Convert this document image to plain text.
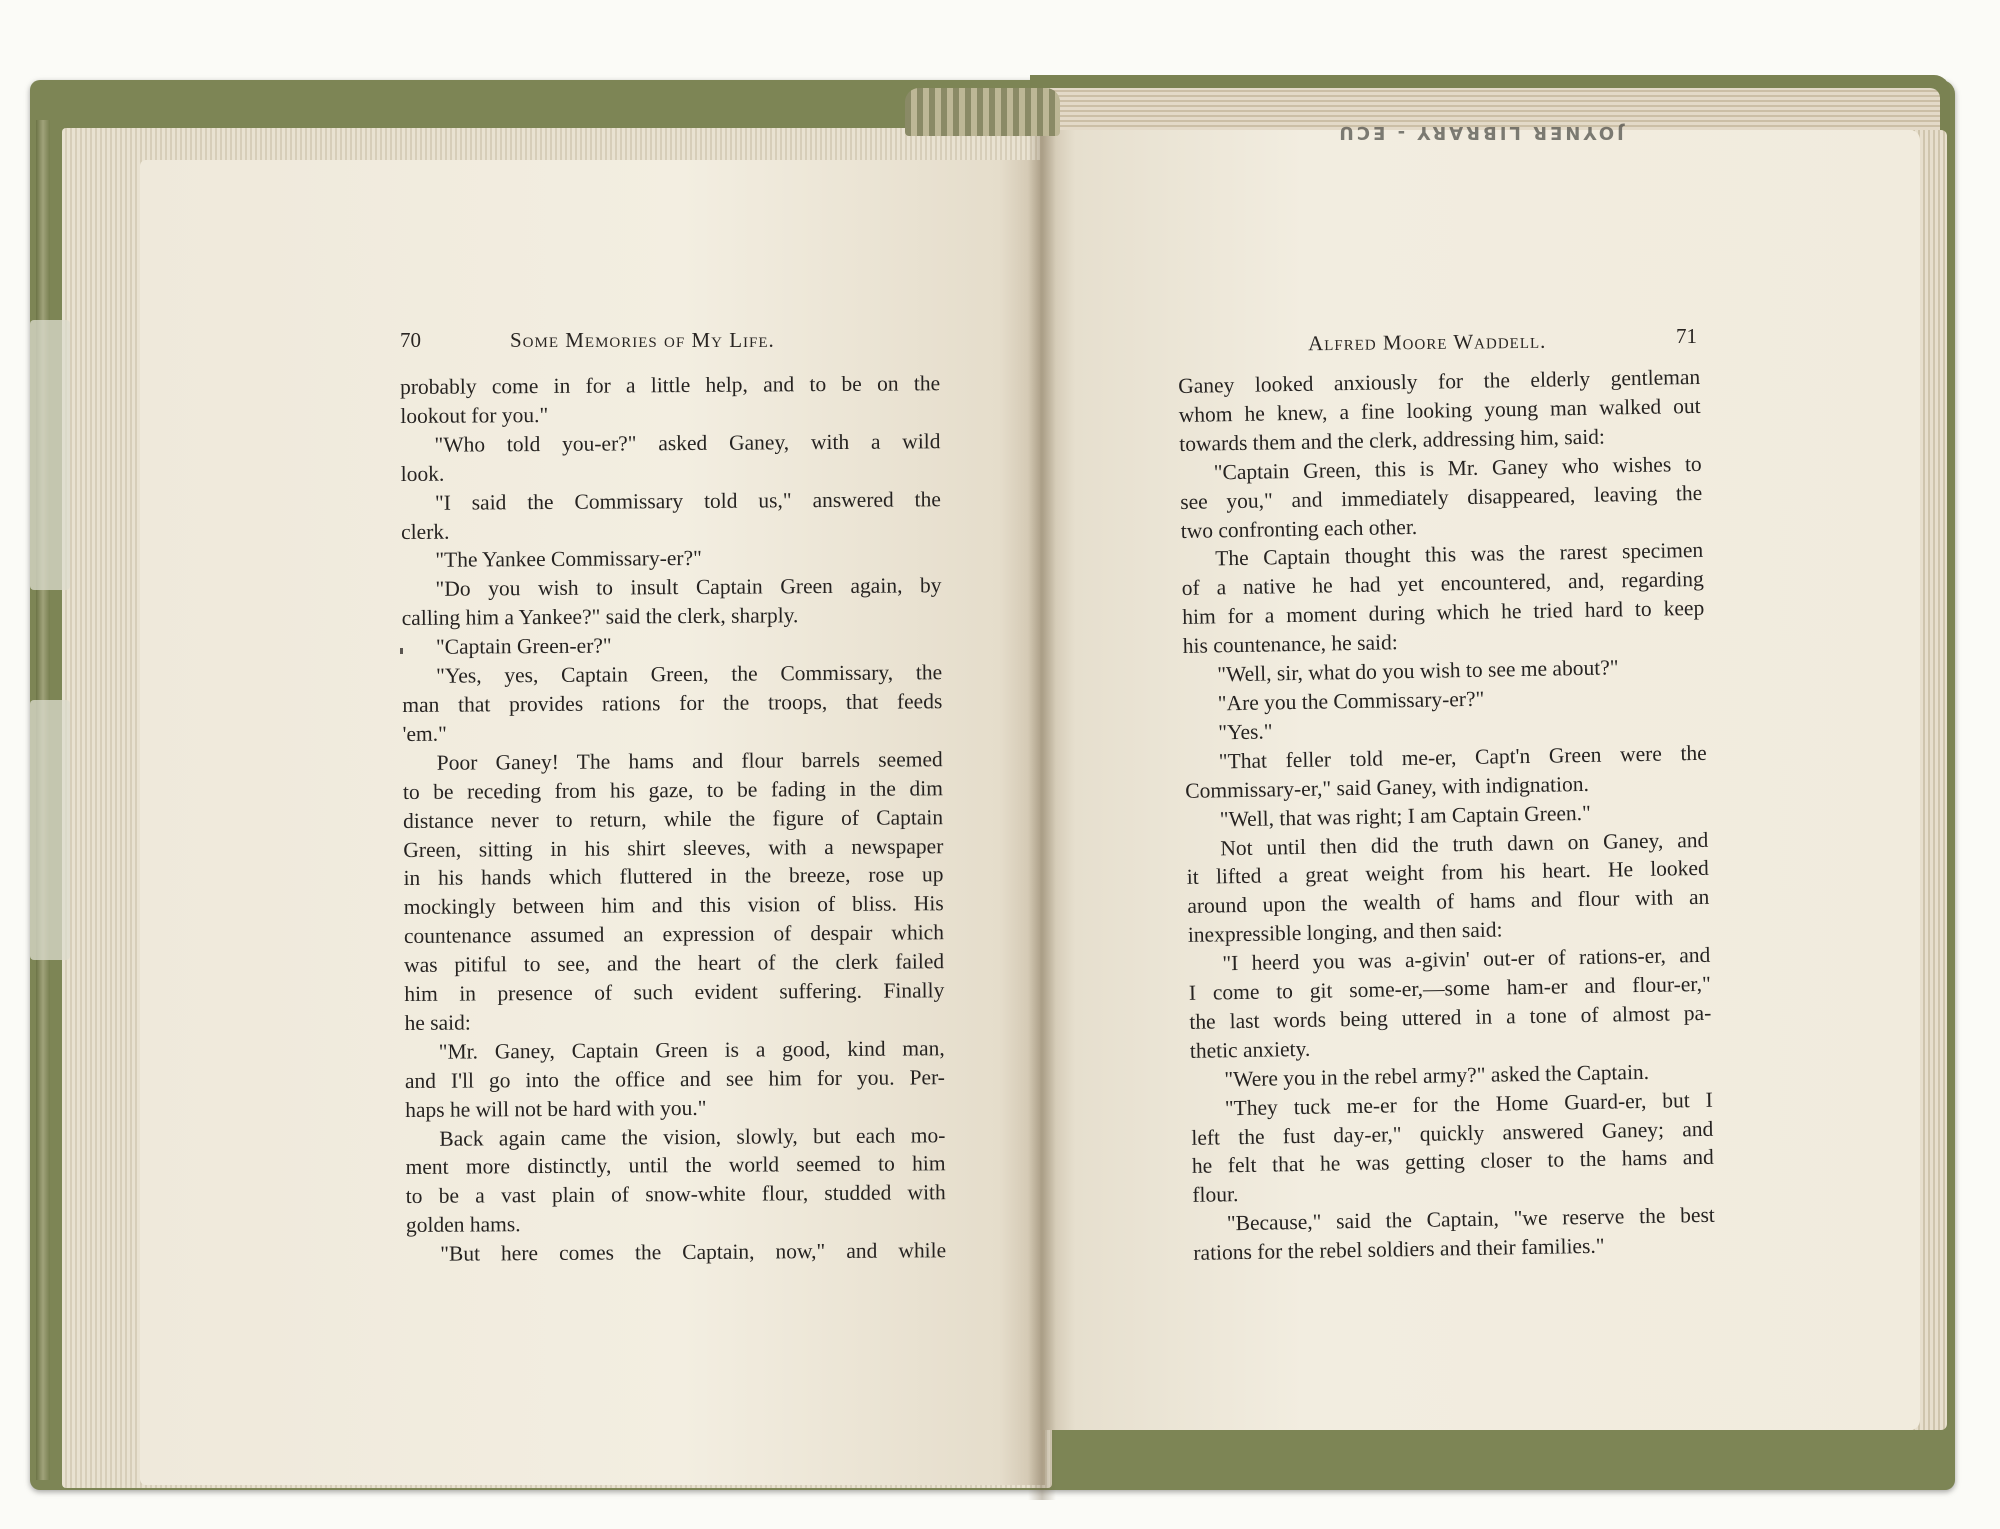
JOYNER LIBRARY - ECU
70	Some Memories of My Life.	Alfred Moore Waddell.	71

probably come in for a little help, and to be on the

lookout for you."

"Who told you-er?" asked Ganey, with a wild

look.

"I said the Commissary told us," answered the

clerk.

"The Yankee Commissary-er?"

"Do you wish to insult Captain Green again, by

calling him a Yankee?" said the clerk, sharply.

"Captain Green-er?"

"Yes, yes, Captain Green, the Commissary, the

man that provides rations for the troops, that feeds

'em."

Poor Ganey! The hams and flour barrels seemed

to be receding from his gaze, to be fading in the dim

distance never to return, while the figure of Captain

Green, sitting in his shirt sleeves, with a newspaper

in his hands which fluttered in the breeze, rose up

mockingly between him and this vision of bliss. His

countenance assumed an expression of despair which

was pitiful to see, and the heart of the clerk failed

him in presence of such evident suffering. Finally

he said:

"Mr. Ganey, Captain Green is a good, kind man,

and I'll go into the office and see him for you. Per-

haps he will not be hard with you."

Back again came the vision, slowly, but each mo-

ment more distinctly, until the world seemed to him

to be a vast plain of snow-white flour, studded with

golden hams.

"But here comes the Captain, now," and while

Ganey looked anxiously for the elderly gentleman

whom he knew, a fine looking young man walked out

towards them and the clerk, addressing him, said:

"Captain Green, this is Mr. Ganey who wishes to

see you," and immediately disappeared, leaving the

two confronting each other.

The Captain thought this was the rarest specimen

of a native he had yet encountered, and, regarding

him for a moment during which he tried hard to keep

his countenance, he said:

"Well, sir, what do you wish to see me about?"

"Are you the Commissary-er?"

"Yes."

"That feller told me-er, Capt'n Green were the

Commissary-er," said Ganey, with indignation.

"Well, that was right; I am Captain Green."

Not until then did the truth dawn on Ganey, and

it lifted a great weight from his heart. He looked

around upon the wealth of hams and flour with an

inexpressible longing, and then said:

"I heerd you was a-givin' out-er of rations-er, and

I come to git some-er,—some ham-er and flour-er,"

the last words being uttered in a tone of almost pa-

thetic anxiety.

"Were you in the rebel army?" asked the Captain.

"They tuck me-er for the Home Guard-er, but I

left the fust day-er," quickly answered Ganey; and

he felt that he was getting closer to the hams and

flour.

"Because," said the Captain, "we reserve the best

rations for the rebel soldiers and their families."
